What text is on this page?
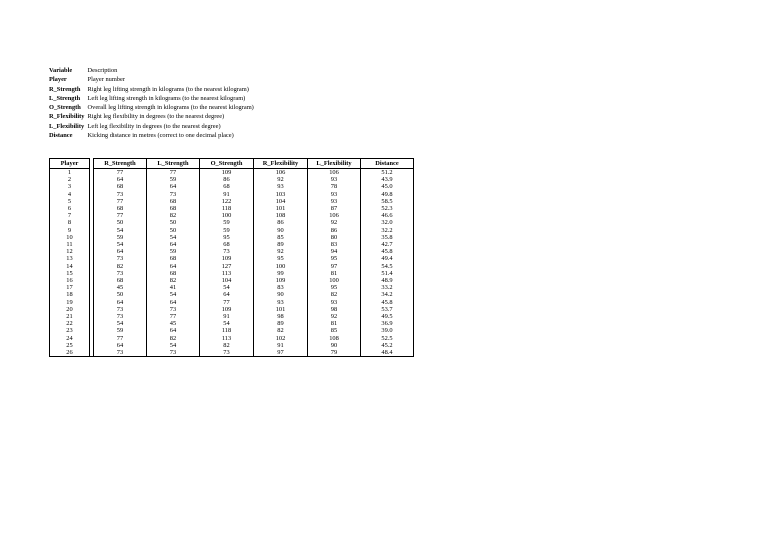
Variable	Description
Player	Player number
R_Strength	Right leg lifting strength in kilograms (to the nearest kilogram)
L_Strength	Left leg lifting strength in kilograms (to the nearest kilogram)
O_Strength	Overall leg lifting strength in kilograms (to the nearest kilogram)
R_Flexibility	Right leg flexibility in degrees (to the nearest degree)
L_Flexibility	Left leg flexibility in degrees (to the nearest degree)
Distance	Kicking distance in metres (correct to one decimal place)
Player		R_Strength	L_Strength	O_Strength	R_Flexibility	L_Flexibility	Distance
1		77	77	109	106	106	51.2
2		64	59	86	92	93	43.9
3		68	64	68	93	78	45.0
4		73	73	91	103	93	49.8
5		77	68	122	104	93	58.5
6		68	68	118	101	87	52.3
7		77	82	100	108	106	46.6
8		50	50	59	86	92	32.0
9		54	50	59	90	86	32.2
10		59	54	95	85	80	35.8
11		54	64	68	89	83	42.7
12		64	59	73	92	94	45.8
13		73	68	109	95	95	49.4
14		82	64	127	100	97	54.5
15		73	68	113	99	81	51.4
16		68	82	104	109	100	48.9
17		45	41	54	83	95	33.2
18		50	54	64	90	82	34.2
19		64	64	77	93	93	45.8
20		73	73	109	101	98	53.7
21		73	77	91	98	92	49.5
22		54	45	54	89	81	36.9
23		59	64	118	82	85	39.0
24		77	82	113	102	108	52.5
25		64	54	82	91	90	45.2
26		73	73	73	97	79	48.4
